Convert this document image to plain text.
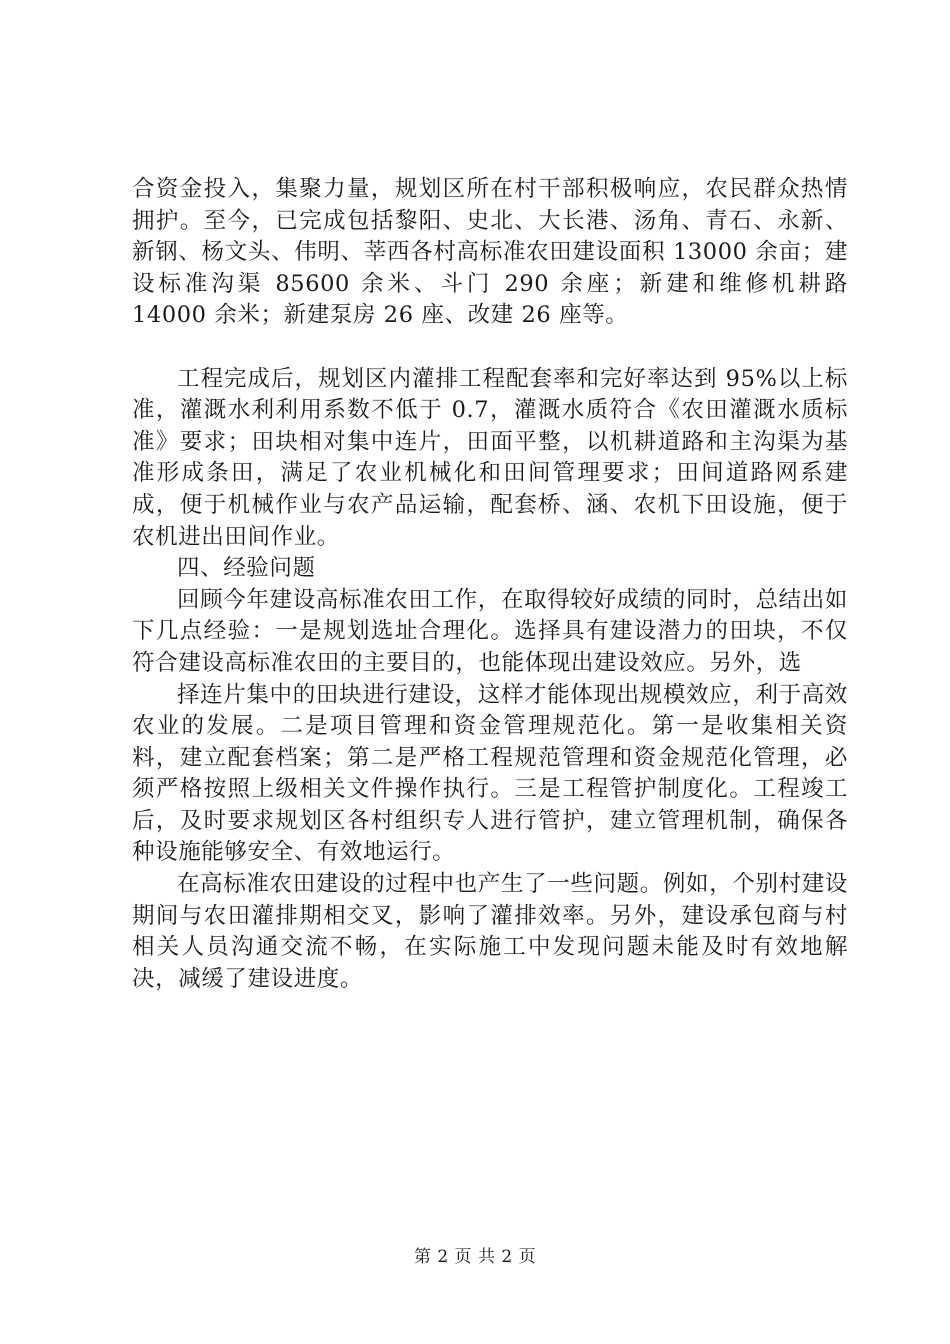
合资金投入，集聚力量，规划区所在村干部积极响应，农民群众热情拥护。至今，已完成包括黎阳、史北、大长港、汤角、青石、永新、新钢、杨文头、伟明、莘西各村高标准农田建设面积 13000 余亩；建设标准沟渠 85600 余米、斗门 290 余座；新建和维修机耕路 14000 余米；新建泵房 26 座、改建 26 座等。

工程完成后，规划区内灌排工程配套率和完好率达到 95%以上标准，灌溉水利利用系数不低于 0.7，灌溉水质符合《农田灌溉水质标准》要求；田块相对集中连片，田面平整，以机耕道路和主沟渠为基准形成条田，满足了农业机械化和田间管理要求；田间道路网系建成，便于机械作业与农产品运输，配套桥、涵、农机下田设施，便于农机进出田间作业。

四、经验问题

回顾今年建设高标准农田工作，在取得较好成绩的同时，总结出如下几点经验：一是规划选址合理化。选择具有建设潜力的田块，不仅符合建设高标准农田的主要目的，也能体现出建设效应。另外，选

择连片集中的田块进行建设，这样才能体现出规模效应，利于高效农业的发展。二是项目管理和资金管理规范化。第一是收集相关资料，建立配套档案；第二是严格工程规范管理和资金规范化管理，必须严格按照上级相关文件操作执行。三是工程管护制度化。工程竣工后，及时要求规划区各村组织专人进行管护，建立管理机制，确保各种设施能够安全、有效地运行。

在高标准农田建设的过程中也产生了一些问题。例如，个别村建设期间与农田灌排期相交叉，影响了灌排效率。另外，建设承包商与村相关人员沟通交流不畅，在实际施工中发现问题未能及时有效地解决，减缓了建设进度。

第 2 页 共 2 页
